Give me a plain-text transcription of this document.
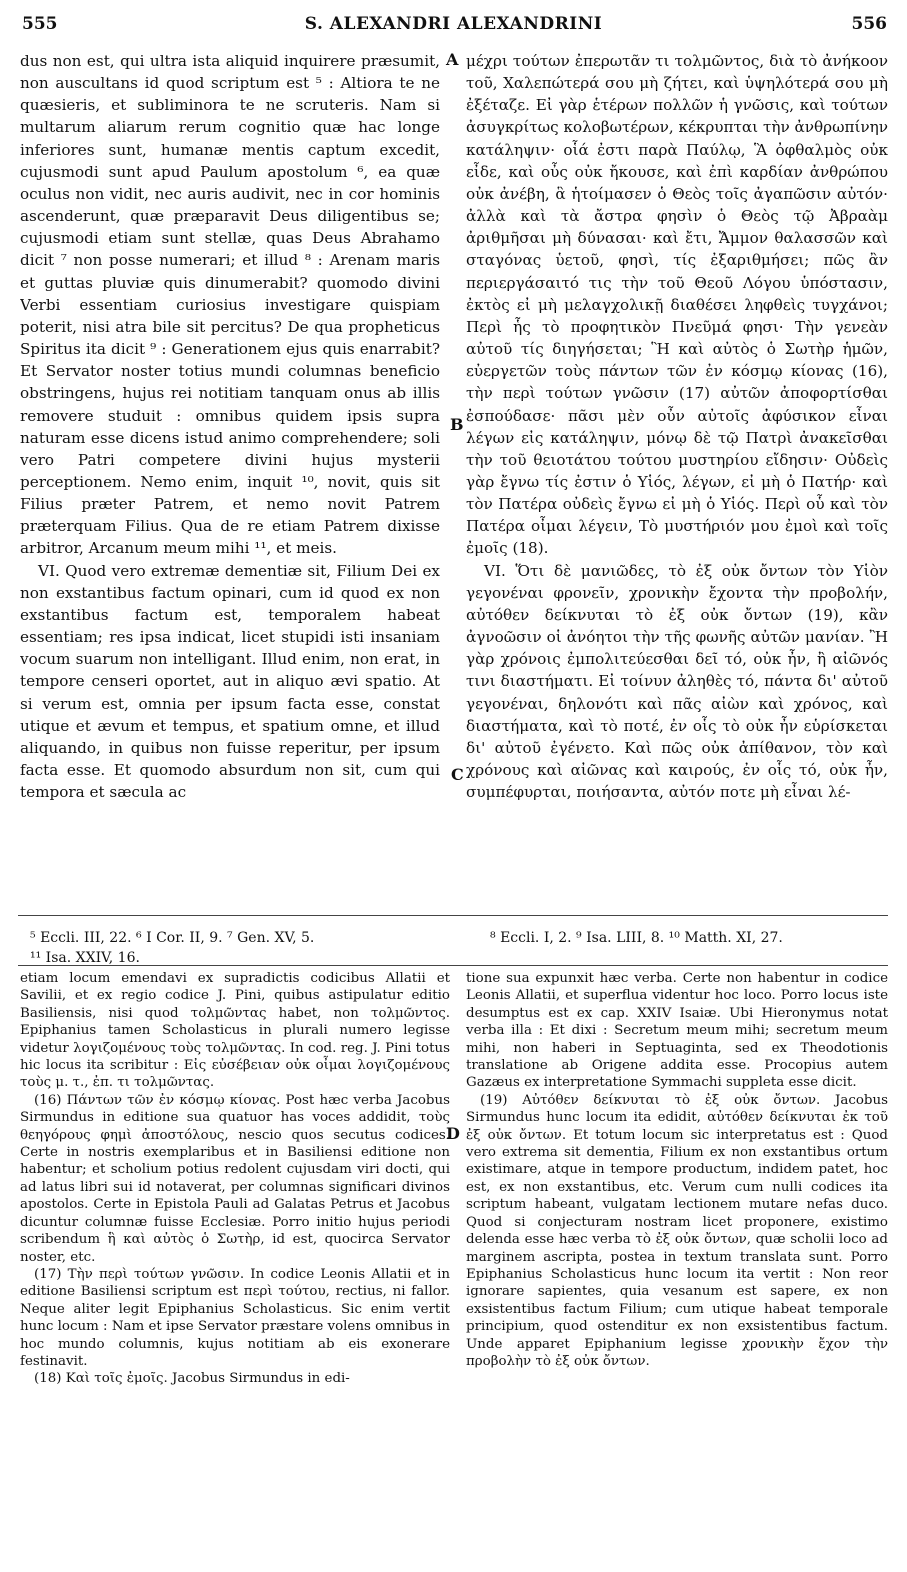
555	S. ALEXANDRI ALEXANDRINI	556

dus non est, qui ultra ista aliquid inquirere præsumit, non auscultans id quod scriptum est ⁵ : Altiora te ne quæsieris, et subliminora te ne scruteris. Nam si multarum aliarum rerum cognitio quæ hac longe inferiores sunt, humanæ mentis captum excedit, cujusmodi sunt apud Paulum apostolum ⁶, ea quæ oculus non vidit, nec auris audivit, nec in cor hominis ascenderunt, quæ præparavit Deus diligentibus se; cujusmodi etiam sunt stellæ, quas Deus Abrahamo dicit ⁷ non posse numerari; et illud ⁸ : Arenam maris et guttas pluviæ quis dinumerabit? quomodo divini Verbi essentiam curiosius investigare quispiam poterit, nisi atra bile sit percitus? De qua propheticus Spiritus ita dicit ⁹ : Generationem ejus quis enarrabit? Et Servator noster totius mundi columnas beneficio obstringens, hujus rei notitiam tanquam onus ab illis removere studuit : omnibus quidem ipsis supra naturam esse dicens istud animo comprehendere; soli vero Patri competere divini hujus mysterii perceptionem. Nemo enim, inquit ¹⁰, novit, quis sit Filius præter Patrem, et nemo novit Patrem præterquam Filius. Qua de re etiam Patrem dixisse arbitror, Arcanum meum mihi ¹¹, et meis.

VI. Quod vero extremæ dementiæ sit, Filium Dei ex non exstantibus factum opinari, cum id quod ex non exstantibus factum est, temporalem habeat essentiam; res ipsa indicat, licet stupidi isti insaniam vocum suarum non intelligant. Illud enim, non erat, in tempore censeri oportet, aut in aliquo ævi spatio. At si verum est, omnia per ipsum facta esse, constat utique et ævum et tempus, et spatium omne, et illud aliquando, in quibus non fuisse reperitur, per ipsum facta esse. Et quomodo absurdum non sit, cum qui tempora et sæcula ac

A
B
C
D

μέχρι τούτων ἐπερωτᾶν τι τολμῶντος, διὰ τὸ ἀνήκοον τοῦ, Χαλεπώτερά σου μὴ ζήτει, καὶ ὑψηλότερά σου μὴ ἐξέταζε. Εἰ γὰρ ἑτέρων πολλῶν ἡ γνῶσις, καὶ τούτων ἀσυγκρίτως κολοβωτέρων, κέκρυπται τὴν ἀνθρωπίνην κατάληψιν· οἷά ἐστι παρὰ Παύλῳ, Ἃ ὀφθαλμὸς οὐκ εἶδε, καὶ οὖς οὐκ ἤκουσε, καὶ ἐπὶ καρδίαν ἀνθρώπου οὐκ ἀνέβη, ἃ ἡτοίμασεν ὁ Θεὸς τοῖς ἀγαπῶσιν αὐτόν· ἀλλὰ καὶ τὰ ἄστρα φησὶν ὁ Θεὸς τῷ Ἀβραὰμ ἀριθμῆσαι μὴ δύνασαι· καὶ ἔτι, Ἄμμον θαλασσῶν καὶ σταγόνας ὑετοῦ, φησὶ, τίς ἐξαριθμήσει; πῶς ἂν περιεργάσαιτό τις τὴν τοῦ Θεοῦ Λόγου ὑπόστασιν, ἐκτὸς εἰ μὴ μελαγχολικῇ διαθέσει ληφθεὶς τυγχάνοι; Περὶ ἧς τὸ προφητικὸν Πνεῦμά φησι· Τὴν γενεὰν αὐτοῦ τίς διηγήσεται; Ἣ καὶ αὐτὸς ὁ Σωτὴρ ἡμῶν, εὐεργετῶν τοὺς πάντων τῶν ἐν κόσμῳ κίονας (16), τὴν περὶ τούτων γνῶσιν (17) αὐτῶν ἀποφορτίσθαι ἐσπούδασε· πᾶσι μὲν οὖν αὐτοῖς ἀφύσικον εἶναι λέγων εἰς κατάληψιν, μόνῳ δὲ τῷ Πατρὶ ἀνακεῖσθαι τὴν τοῦ θειοτάτου τούτου μυστηρίου εἴδησιν· Οὐδεὶς γὰρ ἔγνω τίς ἐστιν ὁ Υἱός, λέγων, εἰ μὴ ὁ Πατήρ· καὶ τὸν Πατέρα οὐδεὶς ἔγνω εἰ μὴ ὁ Υἱός. Περὶ οὗ καὶ τὸν Πατέρα οἶμαι λέγειν, Τὸ μυστήριόν μου ἐμοὶ καὶ τοῖς ἐμοῖς (18).

VI. Ὅτι δὲ μανιῶδες, τὸ ἐξ οὐκ ὄντων τὸν Υἱὸν γεγονέναι φρονεῖν, χρονικὴν ἔχοντα τὴν προβολήν, αὐτόθεν δείκνυται τὸ ἐξ οὐκ ὄντων (19), κἂν ἀγνοῶσιν οἱ ἀνόητοι τὴν τῆς φωνῆς αὐτῶν μανίαν. Ἢ γὰρ χρόνοις ἐμπολιτεύεσθαι δεῖ τό, οὐκ ἦν, ἢ αἰῶνός τινι διαστήματι. Εἰ τοίνυν ἀληθὲς τό, πάντα δι' αὐτοῦ γεγονέναι, δηλονότι καὶ πᾶς αἰὼν καὶ χρόνος, καὶ διαστήματα, καὶ τὸ ποτέ, ἐν οἷς τὸ οὐκ ἦν εὑρίσκεται δι' αὐτοῦ ἐγένετο. Καὶ πῶς οὐκ ἀπίθανον, τὸν καὶ χρόνους καὶ αἰῶνας καὶ καιρούς, ἐν οἷς τό, οὐκ ἦν, συμπέφυρται, ποιήσαντα, αὐτόν ποτε μὴ εἶναι λέ-

⁵ Eccli. III, 22. ⁶ I Cor. II, 9. ⁷ Gen. XV, 5.
¹¹ Isa. XXIV, 16.
⁸ Eccli. I, 2. ⁹ Isa. LIII, 8. ¹⁰ Matth. XI, 27.

etiam locum emendavi ex supradictis codicibus Allatii et Savilii, et ex regio codice J. Pini, quibus astipulatur editio Basiliensis, nisi quod τολμῶντας habet, non τολμῶντος. Epiphanius tamen Scholasticus in plurali numero legisse videtur λογιζομένους τοὺς τολμῶντας. In cod. reg. J. Pini totus hic locus ita scribitur : Εἰς εὐσέβειαν οὐκ οἶμαι λογιζομένους τοὺς μ. τ., ἐπ. τι τολμῶντας.

(16) Πάντων τῶν ἐν κόσμῳ κίονας. Post hæc verba Jacobus Sirmundus in editione sua quatuor has voces addidit, τοὺς θεηγόρους φημὶ ἀποστόλους, nescio quos secutus codices. Certe in nostris exemplaribus et in Basiliensi editione non habentur; et scholium potius redolent cujusdam viri docti, qui ad latus libri sui id notaverat, per columnas significari divinos apostolos. Certe in Epistola Pauli ad Galatas Petrus et Jacobus dicuntur columnæ fuisse Ecclesiæ. Porro initio hujus periodi scribendum ἣ καὶ αὐτὸς ὁ Σωτὴρ, id est, quocirca Servator noster, etc.

(17) Τὴν περὶ τούτων γνῶσιν. In codice Leonis Allatii et in editione Basiliensi scriptum est περὶ τούτου, rectius, ni fallor. Neque aliter legit Epiphanius Scholasticus. Sic enim vertit hunc locum : Nam et ipse Servator præstare volens omnibus in hoc mundo columnis, kujus notitiam ab eis exonerare festinavit.

(18) Καὶ τοῖς ἐμοῖς. Jacobus Sirmundus in edi-

tione sua expunxit hæc verba. Certe non habentur in codice Leonis Allatii, et superflua videntur hoc loco. Porro locus iste desumptus est ex cap. XXIV Isaiæ. Ubi Hieronymus notat verba illa : Et dixi : Secretum meum mihi; secretum meum mihi, non haberi in Septuaginta, sed ex Theodotionis translatione ab Origene addita esse. Procopius autem Gazæus ex interpretatione Symmachi suppleta esse dicit.

(19) Αὐτόθεν δείκνυται τὸ ἐξ οὐκ ὄντων. Jacobus Sirmundus hunc locum ita edidit, αὐτόθεν δείκνυται ἐκ τοῦ ἐξ οὐκ ὄντων. Et totum locum sic interpretatus est : Quod vero extrema sit dementia, Filium ex non exstantibus ortum existimare, atque in tempore productum, indidem patet, hoc est, ex non exstantibus, etc. Verum cum nulli codices ita scriptum habeant, vulgatam lectionem mutare nefas duco. Quod si conjecturam nostram licet proponere, existimo delenda esse hæc verba τὸ ἐξ οὐκ ὄντων, quæ scholii loco ad marginem ascripta, postea in textum translata sunt. Porro Epiphanius Scholasticus hunc locum ita vertit : Non reor ignorare sapientes, quia vesanum est sapere, ex non exsistentibus factum Filium; cum utique habeat temporale principium, quod ostenditur ex non exsistentibus factum. Unde apparet Epiphanium legisse χρονικὴν ἔχον τὴν προβολὴν τὸ ἐξ οὐκ ὄντων.
